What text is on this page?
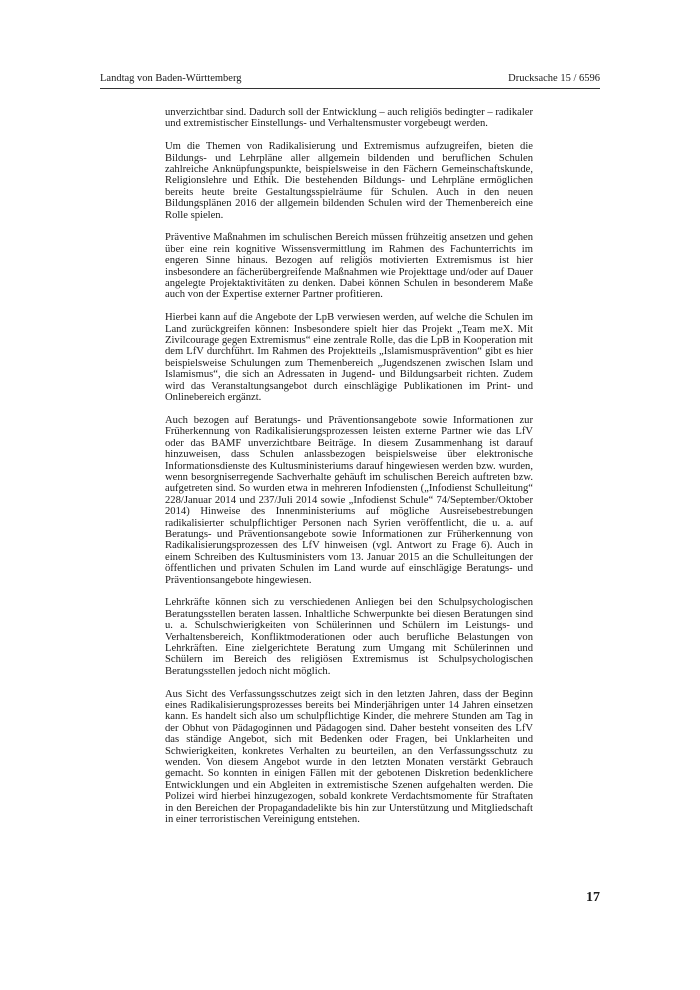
Landtag von Baden-Württemberg	Drucksache 15 / 6596

unverzichtbar sind. Dadurch soll der Entwicklung – auch religiös bedingter – radikaler und extremistischer Einstellungs- und Verhaltensmuster vorgebeugt werden.

Um die Themen von Radikalisierung und Extremismus aufzugreifen, bieten die Bildungs- und Lehrpläne aller allgemein bildenden und beruflichen Schulen zahlreiche Anknüpfungspunkte, beispielsweise in den Fächern Gemeinschaftskunde, Religionslehre und Ethik. Die bestehenden Bildungs- und Lehrpläne ermöglichen bereits heute breite Gestaltungsspielräume für Schulen. Auch in den neuen Bildungsplänen 2016 der allgemein bildenden Schulen wird der Themenbereich eine Rolle spielen.

Präventive Maßnahmen im schulischen Bereich müssen frühzeitig ansetzen und gehen über eine rein kognitive Wissensvermittlung im Rahmen des Fachunterrichts im engeren Sinne hinaus. Bezogen auf religiös motivierten Extremismus ist hier insbesondere an fächerübergreifende Maßnahmen wie Projekttage und/oder auf Dauer angelegte Projektaktivitäten zu denken. Dabei können Schulen in besonderem Maße auch von der Expertise externer Partner profitieren.

Hierbei kann auf die Angebote der LpB verwiesen werden, auf welche die Schulen im Land zurückgreifen können: Insbesondere spielt hier das Projekt „Team meX. Mit Zivilcourage gegen Extremismus“ eine zentrale Rolle, das die LpB in Kooperation mit dem LfV durchführt. Im Rahmen des Projektteils „Islamismusprävention“ gibt es hier beispielsweise Schulungen zum Themenbereich „Jugendszenen zwischen Islam und Islamismus“, die sich an Adressaten in Jugend- und Bildungsarbeit richten. Zudem wird das Veranstaltungsangebot durch einschlägige Publikationen im Print- und Onlinebereich ergänzt.

Auch bezogen auf Beratungs- und Präventionsangebote sowie Informationen zur Früherkennung von Radikalisierungsprozessen leisten externe Partner wie das LfV oder das BAMF unverzichtbare Beiträge. In diesem Zusammenhang ist darauf hinzuweisen, dass Schulen anlassbezogen beispielsweise über elektronische Informationsdienste des Kultusministeriums darauf hingewiesen werden bzw. wurden, wenn besorgniserregende Sachverhalte gehäuft im schulischen Bereich auftreten bzw. aufgetreten sind. So wurden etwa in mehreren Infodiensten („Infodienst Schulleitung“ 228/Januar 2014 und 237/Juli 2014 sowie „Infodienst Schule“ 74/September/Oktober 2014) Hinweise des Innenministeriums auf mögliche Ausreisebestrebungen radikalisierter schulpflichtiger Personen nach Syrien veröffentlicht, die u. a. auf Beratungs- und Präventionsangebote sowie Informationen zur Früherkennung von Radikalisierungsprozessen des LfV hinweisen (vgl. Antwort zu Frage 6). Auch in einem Schreiben des Kultusministers vom 13. Januar 2015 an die Schulleitungen der öffentlichen und privaten Schulen im Land wurde auf einschlägige Beratungs- und Präventionsangebote hingewiesen.

Lehrkräfte können sich zu verschiedenen Anliegen bei den Schulpsychologischen Beratungsstellen beraten lassen. Inhaltliche Schwerpunkte bei diesen Beratungen sind u. a. Schulschwierigkeiten von Schülerinnen und Schülern im Leistungs- und Verhaltensbereich, Konfliktmoderationen oder auch berufliche Belastungen von Lehrkräften. Eine zielgerichtete Beratung zum Umgang mit Schülerinnen und Schülern im Bereich des religiösen Extremismus ist Schulpsychologischen Beratungsstellen jedoch nicht möglich.

Aus Sicht des Verfassungsschutzes zeigt sich in den letzten Jahren, dass der Beginn eines Radikalisierungsprozesses bereits bei Minderjährigen unter 14 Jahren einsetzen kann. Es handelt sich also um schulpflichtige Kinder, die mehrere Stunden am Tag in der Obhut von Pädagoginnen und Pädagogen sind. Daher besteht vonseiten des LfV das ständige Angebot, sich mit Bedenken oder Fragen, bei Unklarheiten und Schwierigkeiten, konkretes Verhalten zu beurteilen, an den Verfassungsschutz zu wenden. Von diesem Angebot wurde in den letzten Monaten verstärkt Gebrauch gemacht. So konnten in einigen Fällen mit der gebotenen Diskretion bedenklichere Entwicklungen und ein Abgleiten in extremistische Szenen aufgehalten werden. Die Polizei wird hierbei hinzugezogen, sobald konkrete Verdachtsmomente für Straftaten in den Bereichen der Propagandadelikte bis hin zur Unterstützung und Mitgliedschaft in einer terroristischen Vereinigung entstehen.

17
